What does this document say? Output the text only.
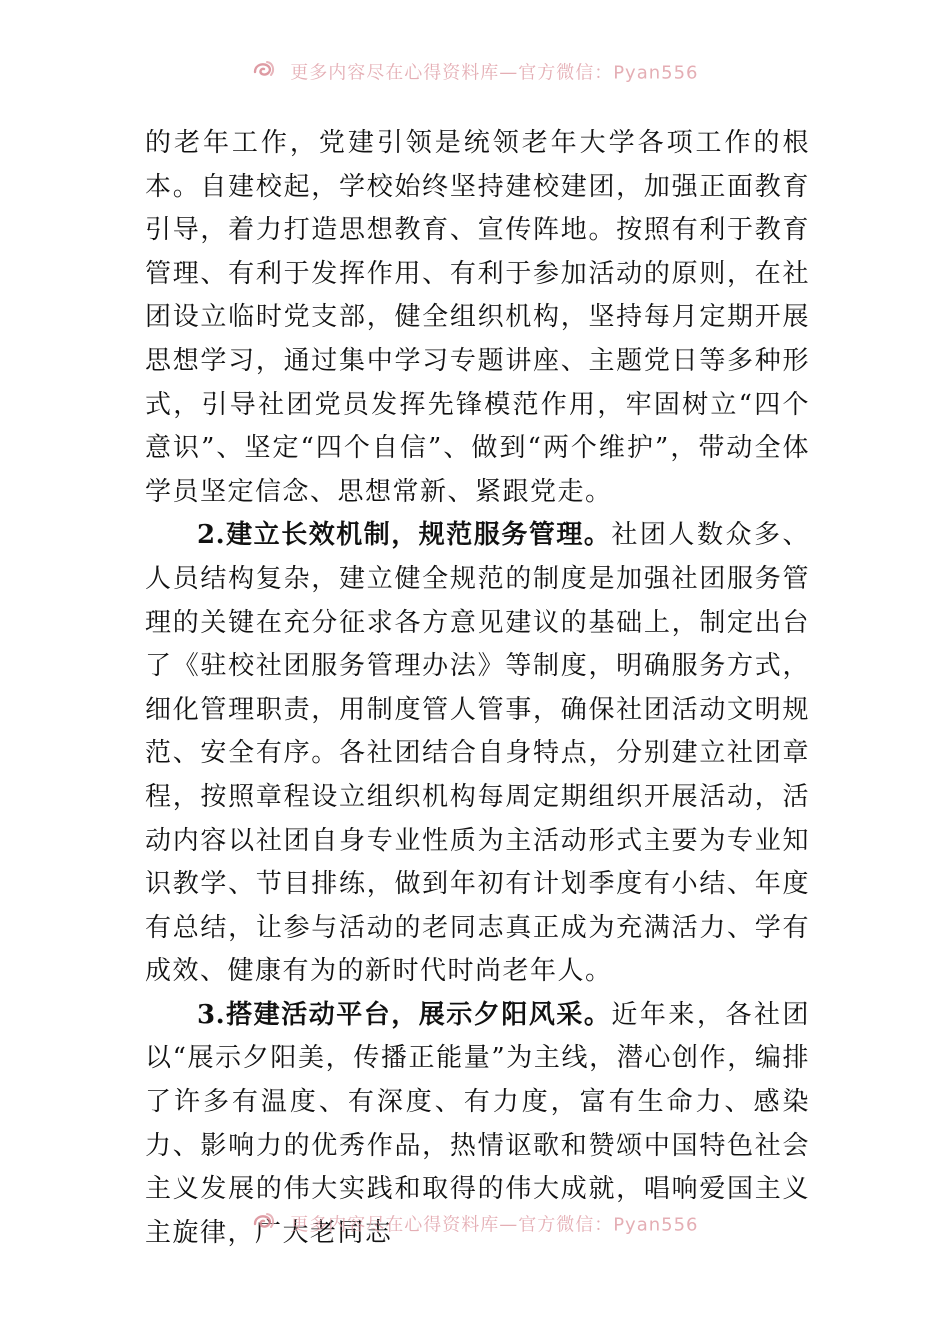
更多内容尽在心得资料库—官方微信：Pyan556

的老年工作，党建引领是统领老年大学各项工作的根本。自建校起，学校始终坚持建校建团，加强正面教育引导，着力打造思想教育、宣传阵地。按照有利于教育管理、有利于发挥作用、有利于参加活动的原则，在社团设立临时党支部，健全组织机构，坚持每月定期开展思想学习，通过集中学习专题讲座、主题党日等多种形式，引导社团党员发挥先锋模范作用，牢固树立“四个意识”、坚定“四个自信”、做到“两个维护”，带动全体学员坚定信念、思想常新、紧跟党走。

2.建立长效机制，规范服务管理。社团人数众多、人员结构复杂，建立健全规范的制度是加强社团服务管理的关键在充分征求各方意见建议的基础上，制定出台了《驻校社团服务管理办法》等制度，明确服务方式，细化管理职责，用制度管人管事，确保社团活动文明规范、安全有序。各社团结合自身特点，分别建立社团章程，按照章程设立组织机构每周定期组织开展活动，活动内容以社团自身专业性质为主活动形式主要为专业知识教学、节目排练，做到年初有计划季度有小结、年度有总结，让参与活动的老同志真正成为充满活力、学有成效、健康有为的新时代时尚老年人。

3.搭建活动平台，展示夕阳风采。近年来，各社团以“展示夕阳美，传播正能量”为主线，潜心创作，编排了许多有温度、有深度、有力度，富有生命力、感染力、影响力的优秀作品，热情讴歌和赞颂中国特色社会主义发展的伟大实践和取得的伟大成就，唱响爱国主义主旋律，广大老同志

更多内容尽在心得资料库—官方微信：Pyan556
